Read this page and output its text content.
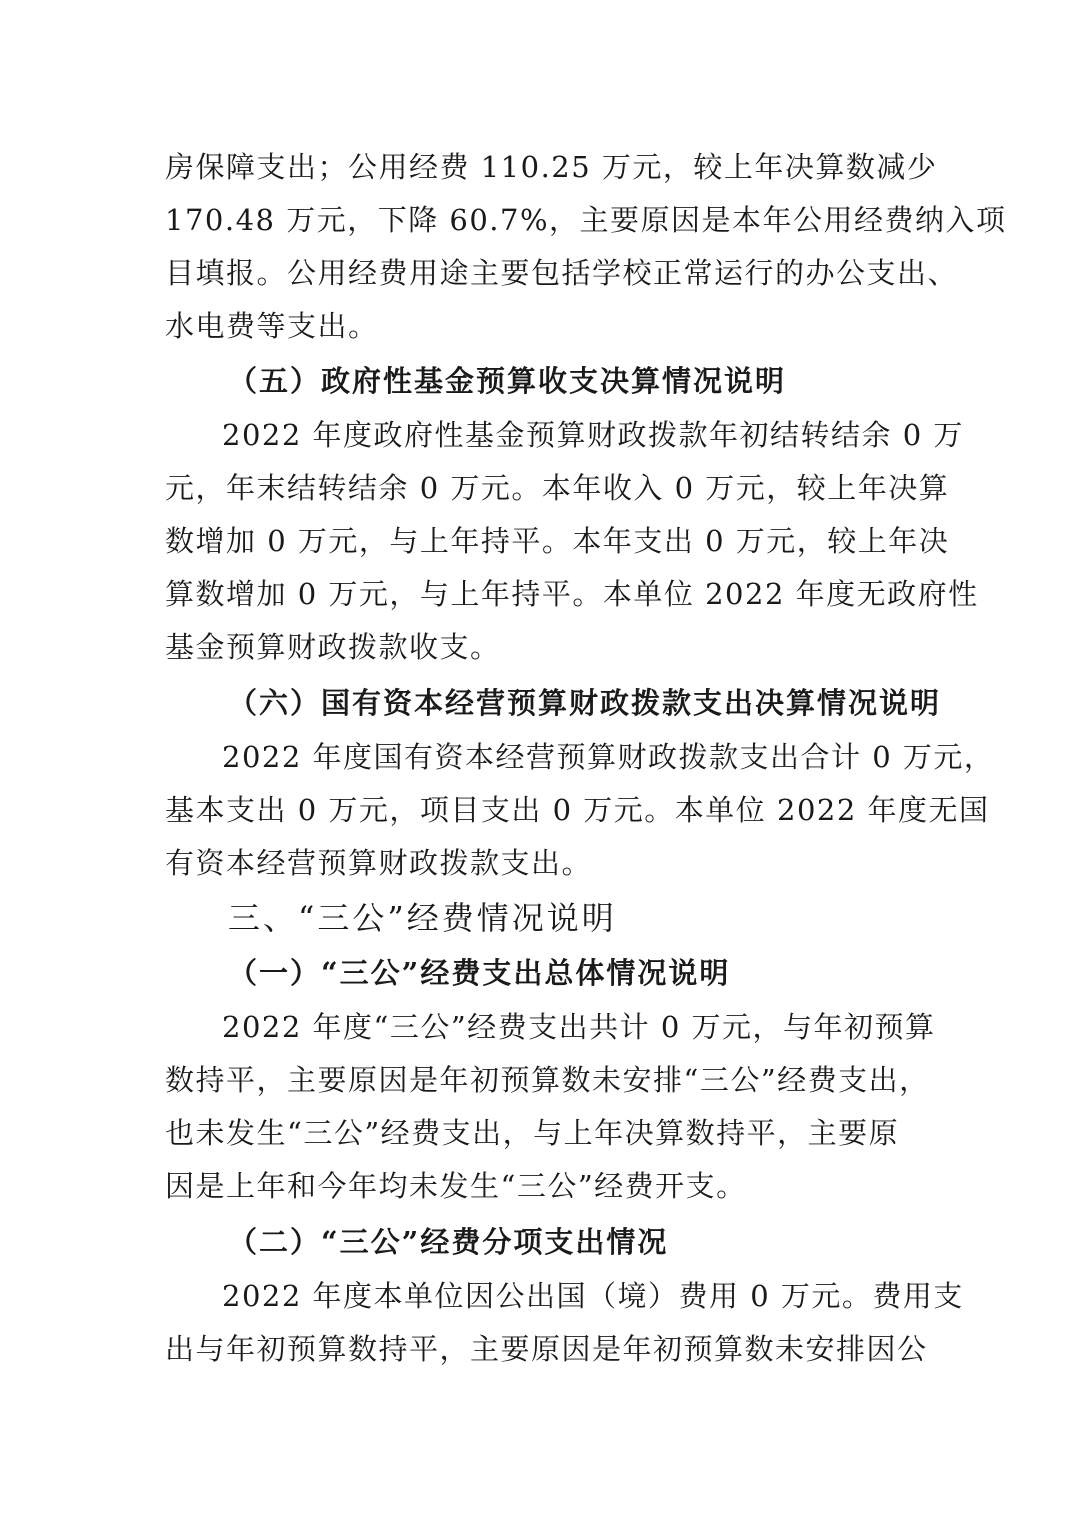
房保障支出；公用经费 110.25 万元，较上年决算数减少
170.48 万元，下降 60.7%，主要原因是本年公用经费纳入项
目填报。公用经费用途主要包括学校正常运行的办公支出、
水电费等支出。
（五）政府性基金预算收支决算情况说明
2022 年度政府性基金预算财政拨款年初结转结余 0 万
元，年末结转结余 0 万元。本年收入 0 万元，较上年决算
数增加 0 万元，与上年持平。本年支出 0 万元，较上年决
算数增加 0 万元，与上年持平。本单位 2022 年度无政府性
基金预算财政拨款收支。
（六）国有资本经营预算财政拨款支出决算情况说明
2022 年度国有资本经营预算财政拨款支出合计 0 万元，
基本支出 0 万元，项目支出 0 万元。本单位 2022 年度无国
有资本经营预算财政拨款支出。
三、“三公”经费情况说明
（一）“三公”经费支出总体情况说明
2022 年度“三公”经费支出共计 0 万元，与年初预算
数持平，主要原因是年初预算数未安排“三公”经费支出，
也未发生“三公”经费支出，与上年决算数持平，主要原
因是上年和今年均未发生“三公”经费开支。
（二）“三公”经费分项支出情况
2022 年度本单位因公出国（境）费用 0 万元。费用支
出与年初预算数持平，主要原因是年初预算数未安排因公
